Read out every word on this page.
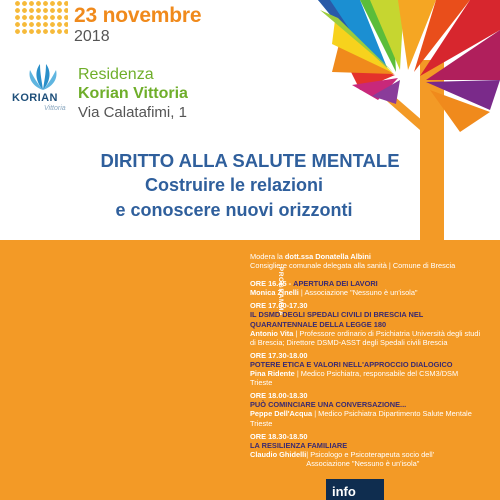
23 novembre
2018
KORIAN
Vittoria
Residenza
Korian Vittoria
Via Calatafimi, 1
DIRITTO ALLA SALUTE MENTALE
Costruire le relazioni
e conoscere nuovi orizzonti
PROGRAMMA
Modera la dott.ssa Donatella Albini
Consigliere comunale delegata alla sanità | Comune di Brescia
ORE 16.45 - APERTURA DEI LAVORI
Monica Zinelli | Associazione "Nessuno è un'isola"
ORE 17.00-17.30
IL DSMD DEGLI SPEDALI CIVILI DI BRESCIA NEL QUARANTENNALE DELLA LEGGE 180
Antonio Vita | Professore ordinario di Psichiatria Università degli studi di Brescia; Direttore DSMD-ASST degli Spedali civili Brescia
ORE 17.30-18.00
POTERE ETICA E VALORI NELL'APPROCCIO DIALOGICO
Pina Ridente | Medico Psichiatra, responsabile del CSM3/DSM Trieste
ORE 18.00-18.30
PUÒ COMINCIARE UNA CONVERSAZIONE...
Peppe Dell'Acqua | Medico Psichiatra Dipartimento Salute Mentale Trieste
ORE 18.30-18.50
LA RESILIENZA FAMILIARE
Claudio Ghidelli| Psicologo e Psicoterapeuta socio dell' Associazione "Nessuno è un'isola"
info
